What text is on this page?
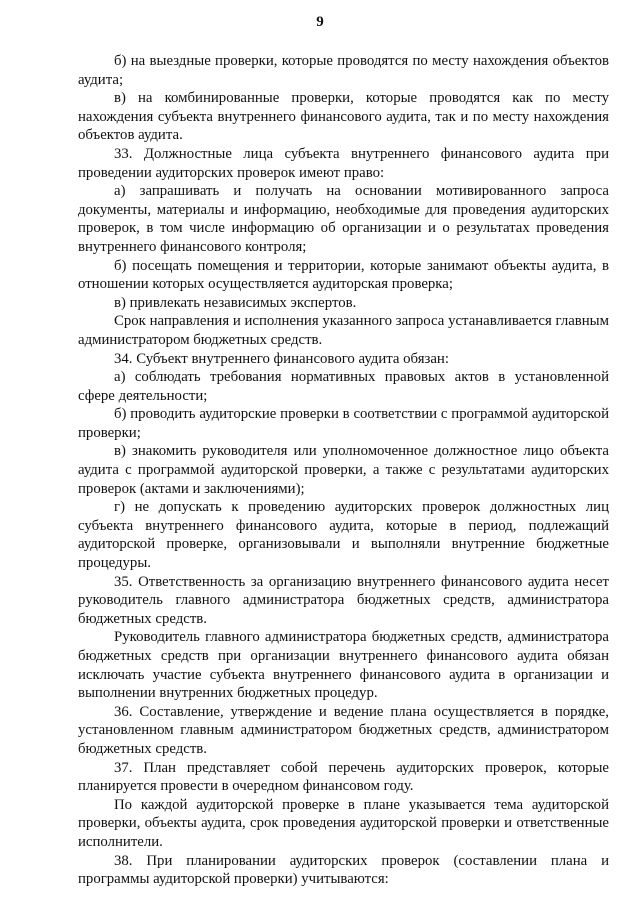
9

б) на выездные проверки, которые проводятся по месту нахождения объектов аудита;

в) на комбинированные проверки, которые проводятся как по месту нахождения субъекта внутреннего финансового аудита, так и по месту нахождения объектов аудита.

33. Должностные лица субъекта внутреннего финансового аудита при проведении аудиторских проверок имеют право:

а) запрашивать и получать на основании мотивированного запроса документы, материалы и информацию, необходимые для проведения аудиторских проверок, в том числе информацию об организации и о результатах проведения внутреннего финансового контроля;

б) посещать помещения и территории, которые занимают объекты аудита, в отношении которых осуществляется аудиторская проверка;

в) привлекать независимых экспертов.

Срок направления и исполнения указанного запроса устанавливается главным администратором бюджетных средств.

34. Субъект внутреннего финансового аудита обязан:

а) соблюдать требования нормативных правовых актов в установленной сфере деятельности;

б) проводить аудиторские проверки в соответствии с программой аудиторской проверки;

в) знакомить руководителя или уполномоченное должностное лицо объекта аудита с программой аудиторской проверки, а также с результатами аудиторских проверок (актами и заключениями);

г) не допускать к проведению аудиторских проверок должностных лиц субъекта внутреннего финансового аудита, которые в период, подлежащий аудиторской проверке, организовывали и выполняли внутренние бюджетные процедуры.

35. Ответственность за организацию внутреннего финансового аудита несет руководитель главного администратора бюджетных средств, администратора бюджетных средств.

Руководитель главного администратора бюджетных средств, администратора бюджетных средств при организации внутреннего финансового аудита обязан исключать участие субъекта внутреннего финансового аудита в организации и выполнении внутренних бюджетных процедур.

36. Составление, утверждение и ведение плана осуществляется в порядке, установленном главным администратором бюджетных средств, администратором бюджетных средств.

37. План представляет собой перечень аудиторских проверок, которые планируется провести в очередном финансовом году.

По каждой аудиторской проверке в плане указывается тема аудиторской проверки, объекты аудита, срок проведения аудиторской проверки и ответственные исполнители.

38. При планировании аудиторских проверок (составлении плана и программы аудиторской проверки) учитываются:
